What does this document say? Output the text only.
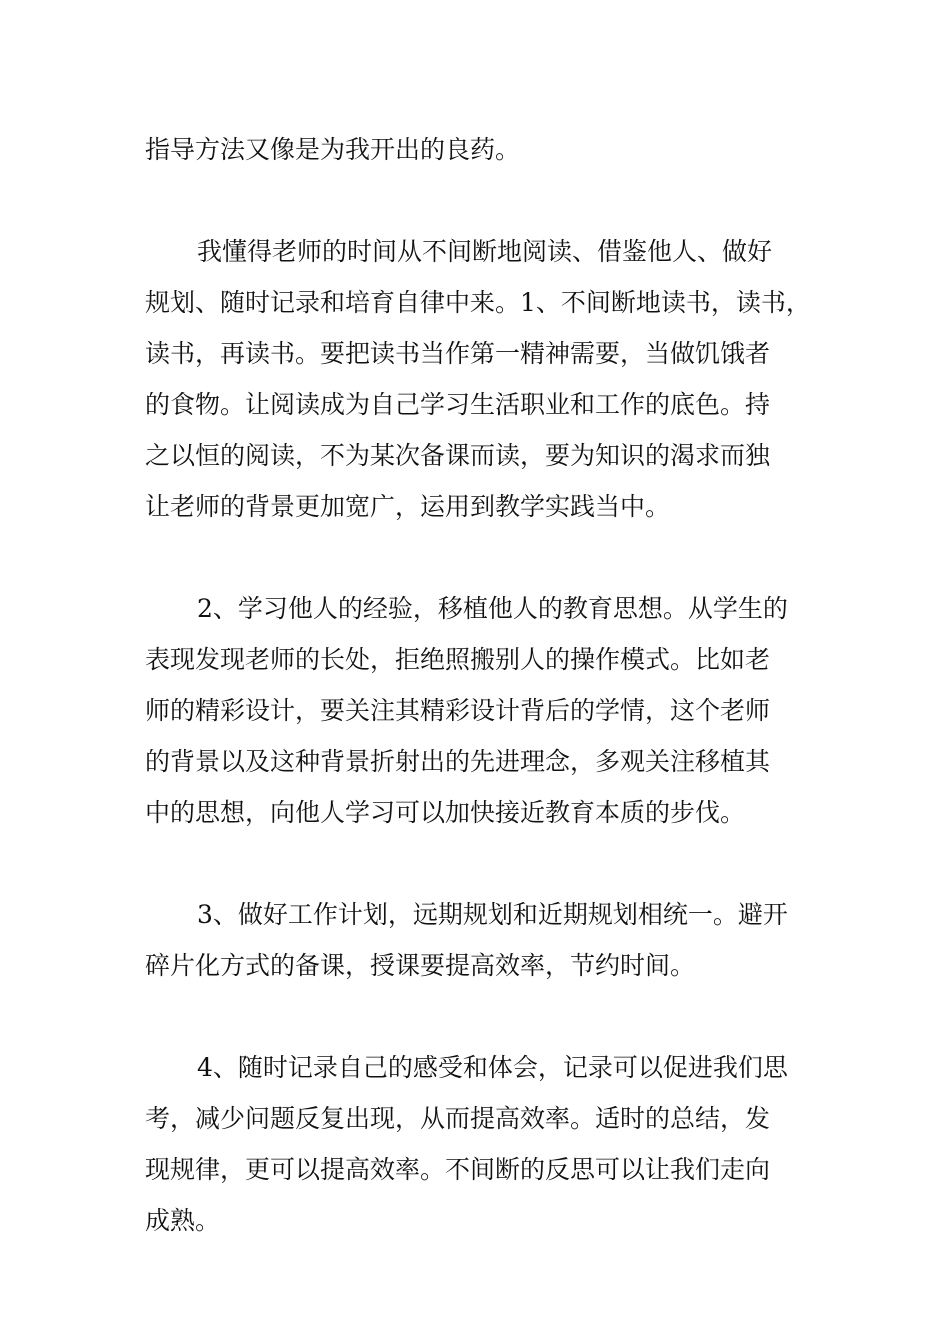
指导方法又像是为我开出的良药。
我懂得老师的时间从不间断地阅读、借鉴他人、做好
规划、随时记录和培育自律中来。1、不间断地读书，读书，
读书，再读书。要把读书当作第一精神需要，当做饥饿者
的食物。让阅读成为自己学习生活职业和工作的底色。持
之以恒的阅读，不为某次备课而读，要为知识的渴求而独
让老师的背景更加宽广，运用到教学实践当中。
2、学习他人的经验，移植他人的教育思想。从学生的
表现发现老师的长处，拒绝照搬别人的操作模式。比如老
师的精彩设计，要关注其精彩设计背后的学情，这个老师
的背景以及这种背景折射出的先进理念，多观关注移植其
中的思想，向他人学习可以加快接近教育本质的步伐。
3、做好工作计划，远期规划和近期规划相统一。避开
碎片化方式的备课，授课要提高效率，节约时间。
4、随时记录自己的感受和体会，记录可以促进我们思
考，减少问题反复出现，从而提高效率。适时的总结，发
现规律，更可以提高效率。不间断的反思可以让我们走向
成熟。
